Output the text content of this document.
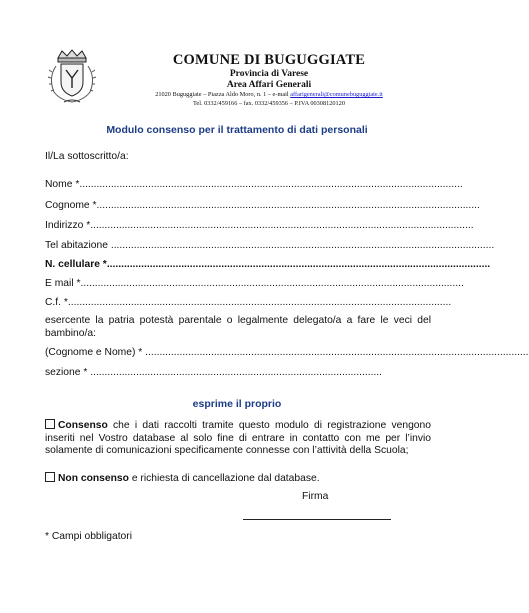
COMUNE DI BUGUGGIATE
Provincia di Varese
Area Affari Generali
21020 Buguggiate – Piazza Aldo Moro, n. 1 – e-mail affarigenerali@comunebuguggiate.it
Tel. 0332/459166 – fax. 0332/459356 – P.IVA 00308120120
Modulo consenso per il trattamento di dati personali
Il/La sottoscritto/a:
Nome *......................................................................................................................................
Cognome *......................................................................................................................................
Indirizzo *......................................................................................................................................
Tel abitazione ......................................................................................................................................
N. cellulare *......................................................................................................................................
E mail *......................................................................................................................................
C.f. *......................................................................................................................................
esercente la patria potestà parentale o legalmente delegato/a a fare le veci del bambino/a:
(Cognome e Nome) * ......................................................................................................................................
sezione * ......................................................................................................
esprime il proprio
Consenso che i dati raccolti tramite questo modulo di registrazione vengono inseriti nel Vostro database al solo fine di entrare in contatto con me per l’invio solamente di comunicazioni specificamente connesse con l’attività della Scuola;
Non consenso e richiesta di cancellazione dal database.
Firma
* Campi obbligatori
